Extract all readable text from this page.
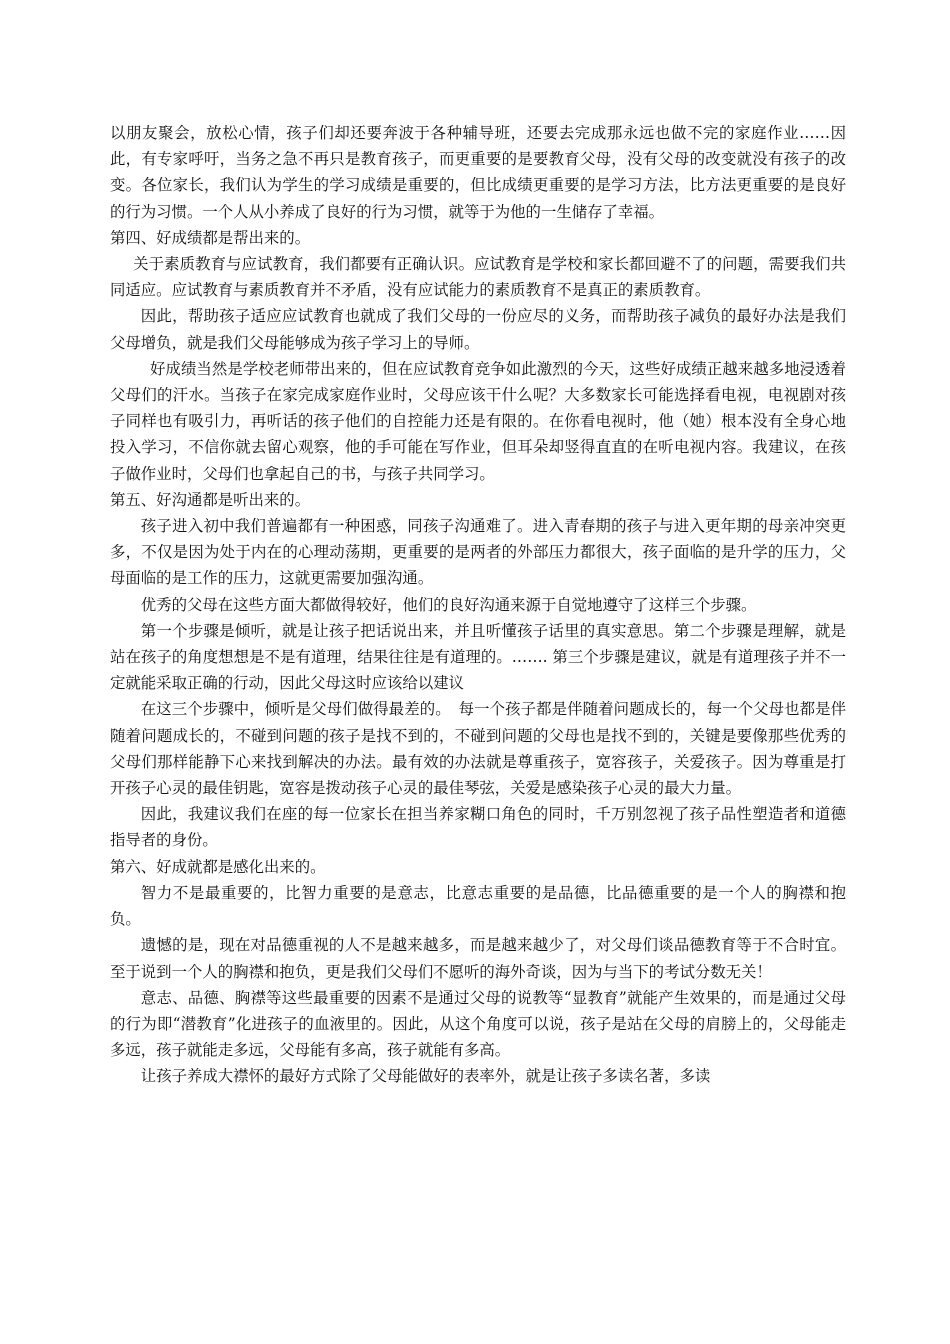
以朋友聚会，放松心情，孩子们却还要奔波于各种辅导班，还要去完成那永远也做不完的家庭作业……因此，有专家呼吁，当务之急不再只是教育孩子，而更重要的是要教育父母，没有父母的改变就没有孩子的改变。各位家长，我们认为学生的学习成绩是重要的，但比成绩更重要的是学习方法，比方法更重要的是良好的行为习惯。一个人从小养成了良好的行为习惯，就等于为他的一生储存了幸福。

第四、好成绩都是帮出来的。

关于素质教育与应试教育，我们都要有正确认识。应试教育是学校和家长都回避不了的问题，需要我们共同适应。应试教育与素质教育并不矛盾，没有应试能力的素质教育不是真正的素质教育。

因此，帮助孩子适应应试教育也就成了我们父母的一份应尽的义务，而帮助孩子减负的最好办法是我们父母增负，就是我们父母能够成为孩子学习上的导师。

好成绩当然是学校老师带出来的，但在应试教育竞争如此激烈的今天，这些好成绩正越来越多地浸透着父母们的汗水。当孩子在家完成家庭作业时，父母应该干什么呢？大多数家长可能选择看电视，电视剧对孩子同样也有吸引力，再听话的孩子他们的自控能力还是有限的。在你看电视时，他（她）根本没有全身心地投入学习，不信你就去留心观察，他的手可能在写作业，但耳朵却竖得直直的在听电视内容。我建议，在孩子做作业时，父母们也拿起自己的书，与孩子共同学习。

第五、好沟通都是听出来的。

孩子进入初中我们普遍都有一种困惑，同孩子沟通难了。进入青春期的孩子与进入更年期的母亲冲突更多，不仅是因为处于内在的心理动荡期，更重要的是两者的外部压力都很大，孩子面临的是升学的压力，父母面临的是工作的压力，这就更需要加强沟通。

优秀的父母在这些方面大都做得较好，他们的良好沟通来源于自觉地遵守了这样三个步骤。

第一个步骤是倾听，就是让孩子把话说出来，并且听懂孩子话里的真实意思。第二个步骤是理解，就是站在孩子的角度想想是不是有道理，结果往往是有道理的。……. 第三个步骤是建议，就是有道理孩子并不一定就能采取正确的行动，因此父母这时应该给以建议

在这三个步骤中，倾听是父母们做得最差的。　每一个孩子都是伴随着问题成长的，每一个父母也都是伴随着问题成长的，不碰到问题的孩子是找不到的，不碰到问题的父母也是找不到的，关键是要像那些优秀的父母们那样能静下心来找到解决的办法。最有效的办法就是尊重孩子，宽容孩子，关爱孩子。因为尊重是打开孩子心灵的最佳钥匙，宽容是拨动孩子心灵的最佳琴弦，关爱是感染孩子心灵的最大力量。

因此，我建议我们在座的每一位家长在担当养家糊口角色的同时，千万别忽视了孩子品性塑造者和道德指导者的身份。

第六、好成就都是感化出来的。

智力不是最重要的，比智力重要的是意志，比意志重要的是品德，比品德重要的是一个人的胸襟和抱负。

遗憾的是，现在对品德重视的人不是越来越多，而是越来越少了，对父母们谈品德教育等于不合时宜。至于说到一个人的胸襟和抱负，更是我们父母们不愿听的海外奇谈，因为与当下的考试分数无关！

意志、品德、胸襟等这些最重要的因素不是通过父母的说教等“显教育”就能产生效果的，而是通过父母的行为即“潜教育”化进孩子的血液里的。因此，从这个角度可以说，孩子是站在父母的肩膀上的，父母能走多远，孩子就能走多远，父母能有多高，孩子就能有多高。

让孩子养成大襟怀的最好方式除了父母能做好的表率外，就是让孩子多读名著，多读
